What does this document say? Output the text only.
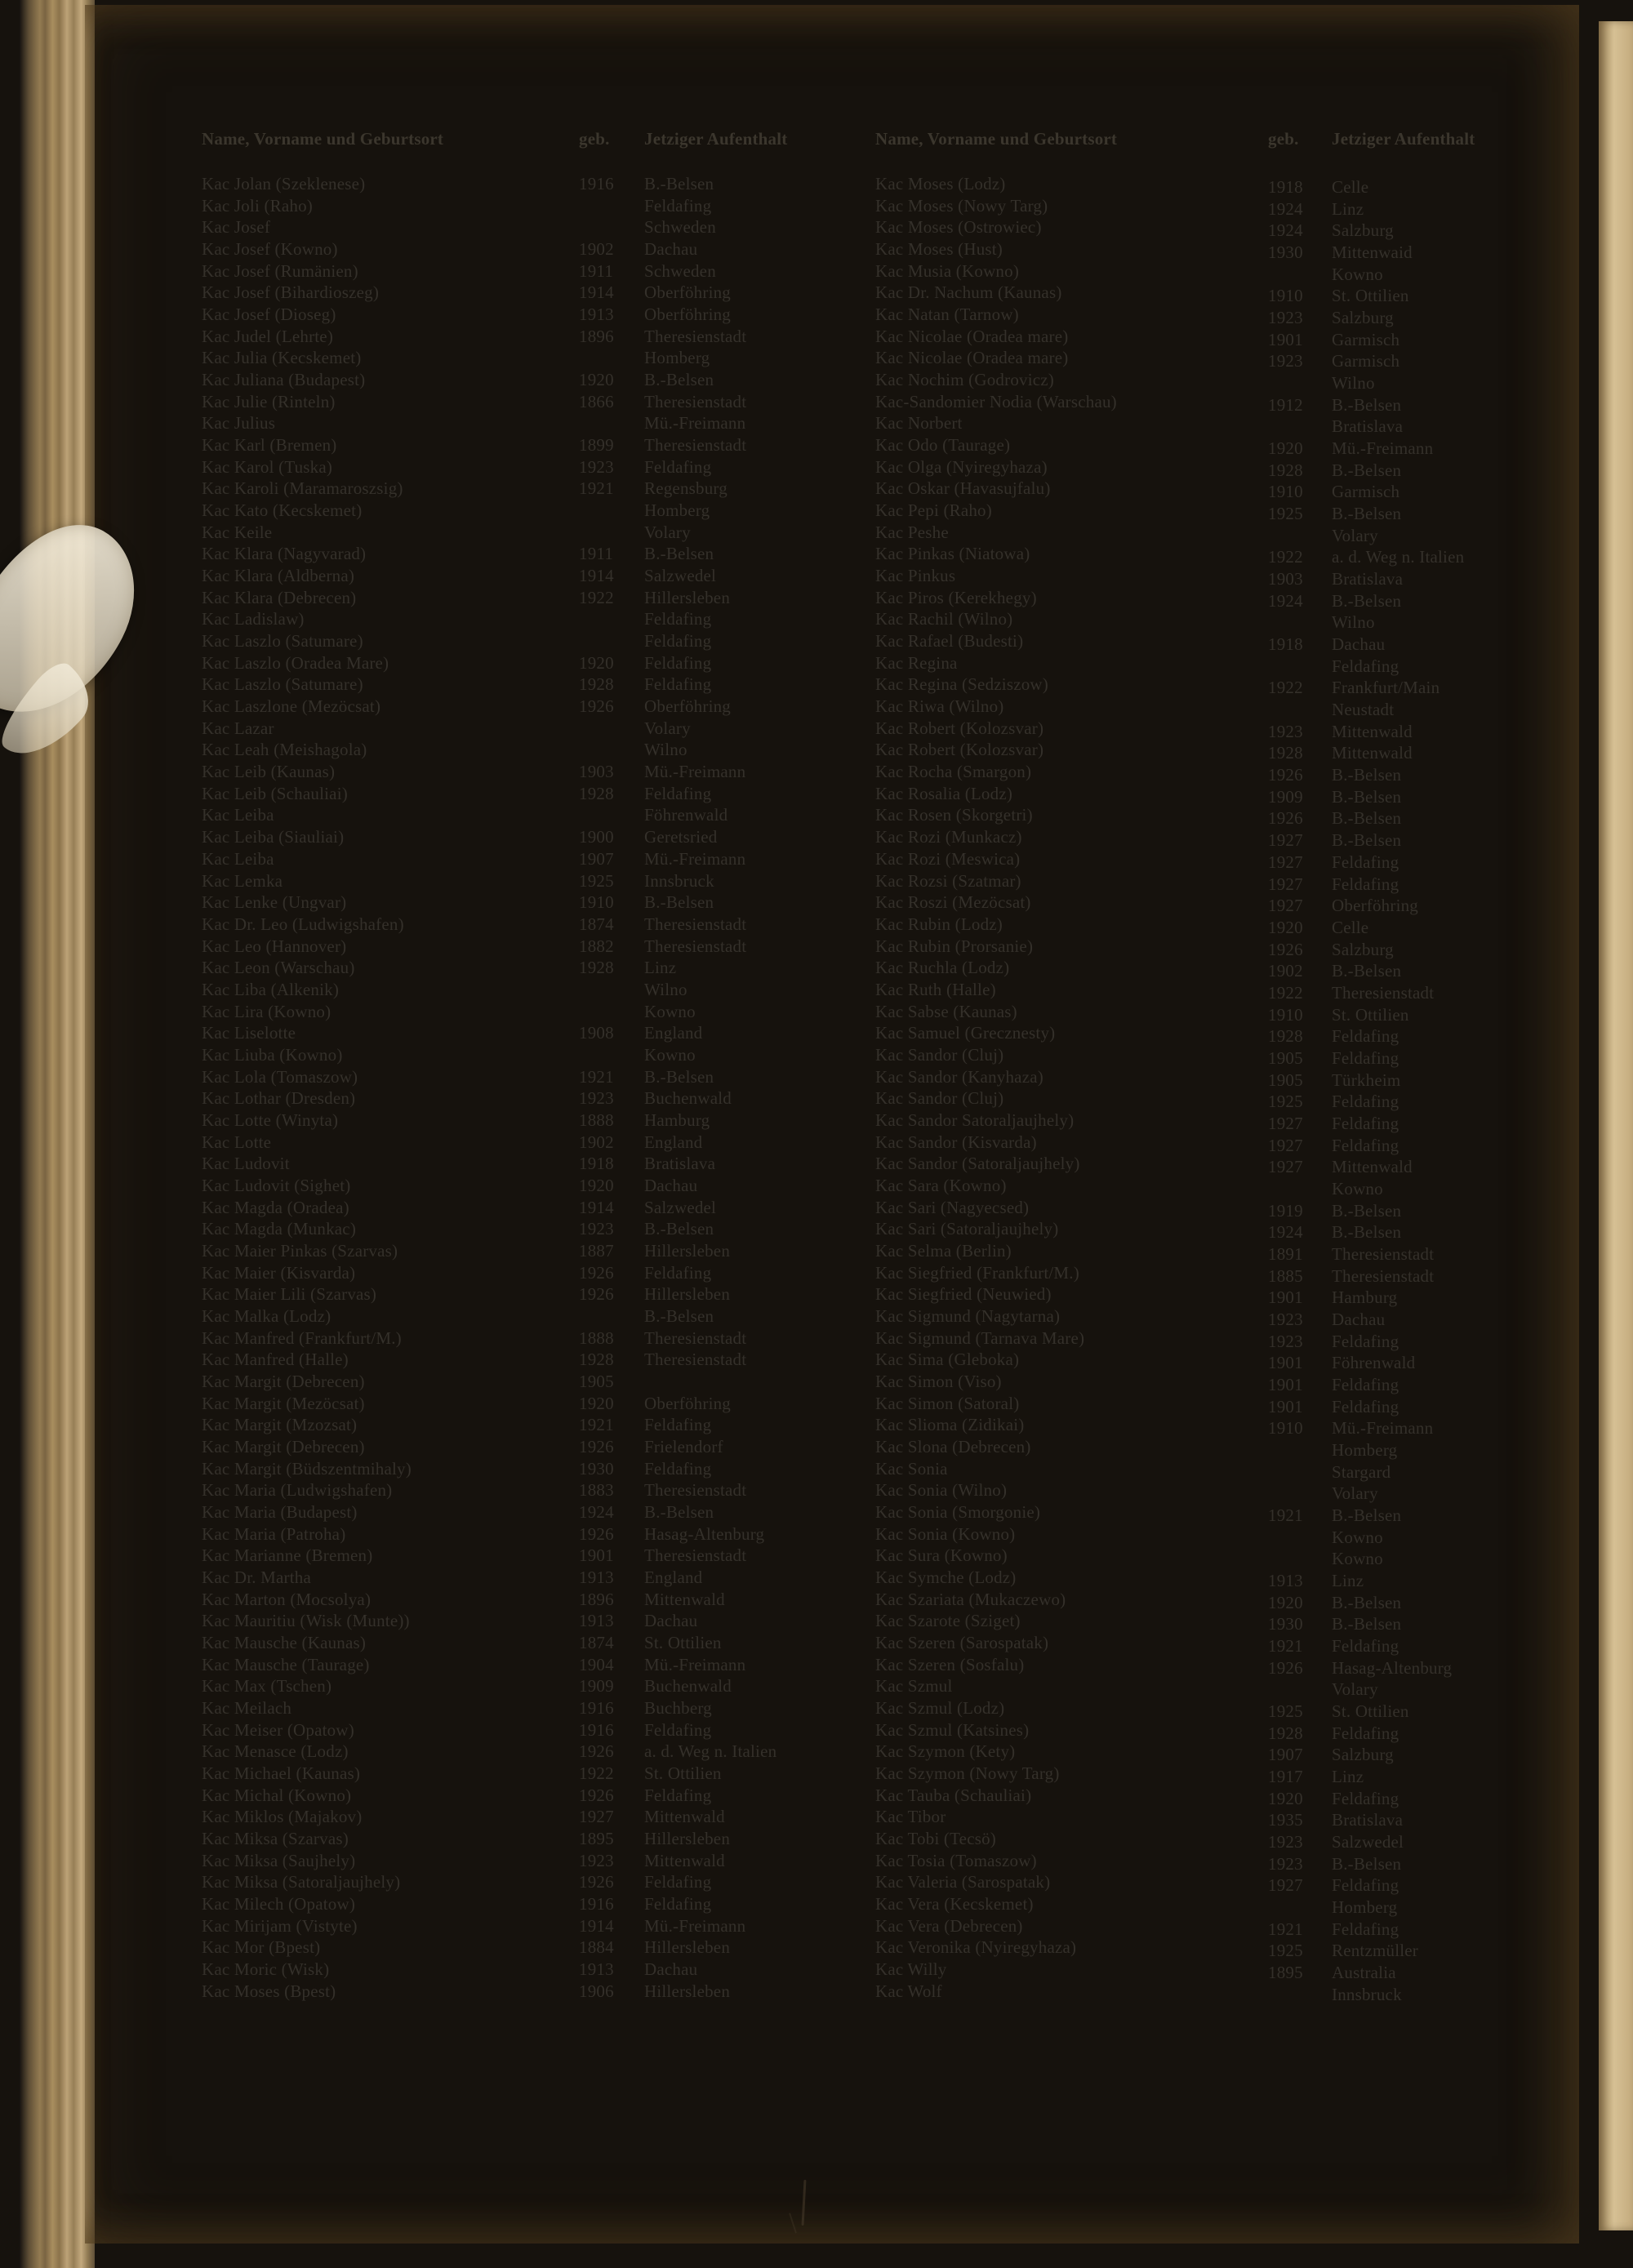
Name, Vorname und Geburtsort	geb. Jetziger Aufenthalt
Kac Jolan (Szeklenese)	1916 B.-Belsen
Kac Joli (Raho)	Feldafing
Kac Josef	Schweden
Kac Josef (Kowno)	1902 Dachau
Kac Josef (Rumänien)	1911 Schweden
Kac Josef (Bihardioszeg)	1914 Oberföhring
Kac Josef (Dioseg)	1913 Oberföhring
Kac Judel (Lehrte)	1896 Theresienstadt
Kac Julia (Kecskemet)	Homberg
Kac Juliana (Budapest)	1920 B.-Belsen
Kac Julie (Rinteln)	1866 Theresienstadt
Kac Julius	Mü.-Freimann
Kac Karl (Bremen)	1899 Theresienstadt
Kac Karol (Tuska)	1923 Feldafing
Kac Karoli (Maramaroszsig)	1921 Regensburg
Kac Kato (Kecskemet)	Homberg
Kac Keile	Volary
Kac Klara (Nagyvarad)	1911 B.-Belsen
Kac Klara (Aldberna)	1914 Salzwedel
Kac Klara (Debrecen)	1922 Hillersleben
Kac Ladislaw)	Feldafing
Kac Laszlo (Satumare)	Feldafing
Kac Laszlo (Oradea Mare)	1920 Feldafing
Kac Laszlo (Satumare)	1928 Feldafing
Kac Laszlone (Mezöcsat)	1926 Oberföhring
Kac Lazar	Volary
Kac Leah (Meishagola)	Wilno
Kac Leib (Kaunas)	1903 Mü.-Freimann
Kac Leib (Schauliai)	1928 Feldafing
Kac Leiba	Föhrenwald
Kac Leiba (Siauliai)	1900 Geretsried
Kac Leiba	1907 Mü.-Freimann
Kac Lemka	1925 Innsbruck
Kac Lenke (Ungvar)	1910 B.-Belsen
Kac Dr. Leo (Ludwigshafen)	1874 Theresienstadt
Kac Leo (Hannover)	1882 Theresienstadt
Kac Leon (Warschau)	1928 Linz
Kac Liba (Alkenik)	Wilno
Kac Lira (Kowno)	Kowno
Kac Liselotte	1908 England
Kac Liuba (Kowno)	Kowno
Kac Lola (Tomaszow)	1921 B.-Belsen
Kac Lothar (Dresden)	1923 Buchenwald
Kac Lotte (Winyta)	1888 Hamburg
Kac Lotte	1902 England
Kac Ludovit	1918 Bratislava
Kac Ludovit (Sighet)	1920 Dachau
Kac Magda (Oradea)	1914 Salzwedel
Kac Magda (Munkac)	1923 B.-Belsen
Kac Maier Pinkas (Szarvas)	1887 Hillersleben
Kac Maier (Kisvarda)	1926 Feldafing
Kac Maier Lili (Szarvas)	1926 Hillersleben
Kac Malka (Lodz)	B.-Belsen
Kac Manfred (Frankfurt/M.)	1888 Theresienstadt
Kac Manfred (Halle)	1928 Theresienstadt
Kac Margit (Debrecen)	1905
Kac Margit (Mezöcsat)	1920 Oberföhring
Kac Margit (Mzozsat)	1921 Feldafing
Kac Margit (Debrecen)	1926 Frielendorf
Kac Margit (Büdszentmihaly)	1930 Feldafing
Kac Maria (Ludwigshafen)	1883 Theresienstadt
Kac Maria (Budapest)	1924 B.-Belsen
Kac Maria (Patroha)	1926 Hasag-Altenburg
Kac Marianne (Bremen)	1901 Theresienstadt
Kac Dr. Martha	1913 England
Kac Marton (Mocsolya)	1896 Mittenwald
Kac Mauritiu (Wisk (Munte))	1913 Dachau
Kac Mausche (Kaunas)	1874 St. Ottilien
Kac Mausche (Taurage)	1904 Mü.-Freimann
Kac Max (Tschen)	1909 Buchenwald
Kac Meilach	1916 Buchberg
Kac Meiser (Opatow)	1916 Feldafing
Kac Menasce (Lodz)	1926 a. d. Weg n. Italien
Kac Michael (Kaunas)	1922 St. Ottilien
Kac Michal (Kowno)	1926 Feldafing
Kac Miklos (Majakov)	1927 Mittenwald
Kac Miksa (Szarvas)	1895 Hillersleben
Kac Miksa (Saujhely)	1923 Mittenwald
Kac Miksa (Satoraljaujhely)	1926 Feldafing
Kac Milech (Opatow)	1916 Feldafing
Kac Mirijam (Vistyte)	1914 Mü.-Freimann
Kac Mor (Bpest)	1884 Hillersleben
Kac Moric (Wisk)	1913 Dachau
Kac Moses (Bpest)	1906 Hillersleben
Name, Vorname und Geburtsort	geb. Jetziger Aufenthalt
Kac Moses (Lodz)	1918 Celle
Kac Moses (Nowy Targ)	1924 Linz
Kac Moses (Ostrowiec)	1924 Salzburg
Kac Moses (Hust)	1930 Mittenwaid
Kac Musia (Kowno)	Kowno
Kac Dr. Nachum (Kaunas)	1910 St. Ottilien
Kac Natan (Tarnow)	1923 Salzburg
Kac Nicolae (Oradea mare)	1901 Garmisch
Kac Nicolae (Oradea mare)	1923 Garmisch
Kac Nochim (Godrovicz)	Wilno
Kac-Sandomier Nodia (Warschau)	1912 B.-Belsen
Kac Norbert	Bratislava
Kac Odo (Taurage)	1920 Mü.-Freimann
Kac Olga (Nyiregyhaza)	1928 B.-Belsen
Kac Oskar (Havasujfalu)	1910 Garmisch
Kac Pepi (Raho)	1925 B.-Belsen
Kac Peshe	Volary
Kac Pinkas (Niatowa)	1922 a. d. Weg n. Italien
Kac Pinkus	1903 Bratislava
Kac Piros (Kerekhegy)	1924 B.-Belsen
Kac Rachil (Wilno)	Wilno
Kac Rafael (Budesti)	1918 Dachau
Kac Regina	Feldafing
Kac Regina (Sedziszow)	1922 Frankfurt/Main
Kac Riwa (Wilno)	Neustadt
Kac Robert (Kolozsvar)	1923 Mittenwald
Kac Robert (Kolozsvar)	1928 Mittenwald
Kac Rocha (Smargon)	1926 B.-Belsen
Kac Rosalia (Lodz)	1909 B.-Belsen
Kac Rosen (Skorgetri)	1926 B.-Belsen
Kac Rozi (Munkacz)	1927 B.-Belsen
Kac Rozi (Meswica)	1927 Feldafing
Kac Rozsi (Szatmar)	1927 Feldafing
Kac Roszi (Mezöcsat)	1927 Oberföhring
Kac Rubin (Lodz)	1920 Celle
Kac Rubin (Prorsanie)	1926 Salzburg
Kac Ruchla (Lodz)	1902 B.-Belsen
Kac Ruth (Halle)	1922 Theresienstadt
Kac Sabse (Kaunas)	1910 St. Ottilien
Kac Samuel (Grecznesty)	1928 Feldafing
Kac Sandor (Cluj)	1905 Feldafing
Kac Sandor (Kanyhaza)	1905 Türkheim
Kac Sandor (Cluj)	1925 Feldafing
Kac Sandor Satoraljaujhely)	1927 Feldafing
Kac Sandor (Kisvarda)	1927 Feldafing
Kac Sandor (Satoraljaujhely)	1927 Mittenwald
Kac Sara (Kowno)	Kowno
Kac Sari (Nagyecsed)	1919 B.-Belsen
Kac Sari (Satoraljaujhely)	1924 B.-Belsen
Kac Selma (Berlin)	1891 Theresienstadt
Kac Siegfried (Frankfurt/M.)	1885 Theresienstadt
Kac Siegfried (Neuwied)	1901 Hamburg
Kac Sigmund (Nagytarna)	1923 Dachau
Kac Sigmund (Tarnava Mare)	1923 Feldafing
Kac Sima (Gleboka)	1901 Föhrenwald
Kac Simon (Viso)	1901 Feldafing
Kac Simon (Satoral)	1901 Feldafing
Kac Slioma (Zidikai)	1910 Mü.-Freimann
Kac Slona (Debrecen)	Homberg
Kac Sonia	Stargard
Kac Sonia (Wilno)	Volary
Kac Sonia (Smorgonie)	1921 B.-Belsen
Kac Sonia (Kowno)	Kowno
Kac Sura (Kowno)	Kowno
Kac Symche (Lodz)	1913 Linz
Kac Szariata (Mukaczewo)	1920 B.-Belsen
Kac Szarote (Sziget)	1930 B.-Belsen
Kac Szeren (Sarospatak)	1921 Feldafing
Kac Szeren (Sosfalu)	1926 Hasag-Altenburg
Kac Szmul	Volary
Kac Szmul (Lodz)	1925 St. Ottilien
Kac Szmul (Katsines)	1928 Feldafing
Kac Szymon (Kety)	1907 Salzburg
Kac Szymon (Nowy Targ)	1917 Linz
Kac Tauba (Schauliai)	1920 Feldafing
Kac Tibor	1935 Bratislava
Kac Tobi (Tecsö)	1923 Salzwedel
Kac Tosia (Tomaszow)	1923 B.-Belsen
Kac Valeria (Sarospatak)	1927 Feldafing
Kac Vera (Kecskemet)	Homberg
Kac Vera (Debrecen)	1921 Feldafing
Kac Veronika (Nyiregyhaza)	1925 Rentzmüller
Kac Willy	1895 Australia
Kac Wolf	Innsbruck
